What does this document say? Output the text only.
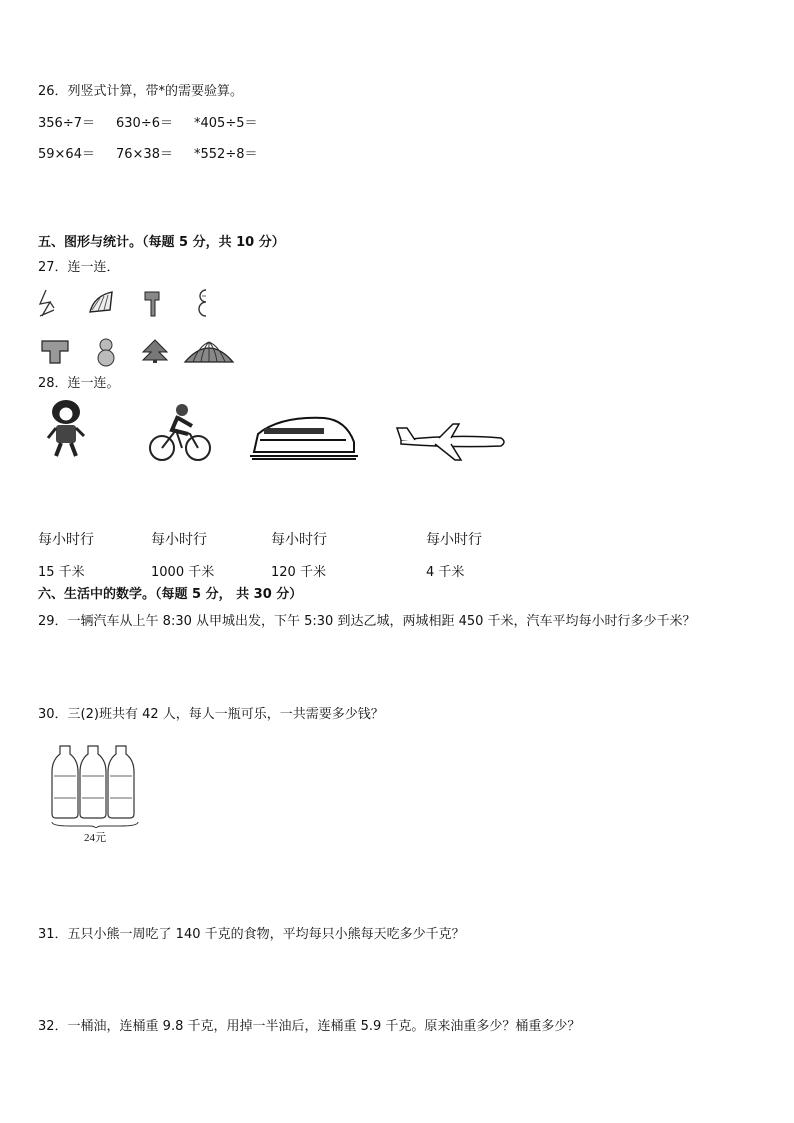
26．列竖式计算，带*的需要验算。
356÷7＝ 630÷6＝ *405÷5＝
59×64＝ 76×38＝ *552÷8＝
五、图形与统计。（每题 5 分，共 10 分）
27．连一连．
28．连一连。
每小时行	每小时行	每小时行	每小时行
15 千米	1000 千米	120 千米	4 千米
六、生活中的数学。（每题 5 分， 共 30 分）
29．一辆汽车从上午 8:30 从甲城出发，下午 5:30 到达乙城，两城相距 450 千米，汽车平均每小时行多少千米？
30．三(2)班共有 42 人，每人一瓶可乐，一共需要多少钱？
24元
31．五只小熊一周吃了 140 千克的食物，平均每只小熊每天吃多少千克？
32．一桶油，连桶重 9.8 千克，用掉一半油后，连桶重 5.9 千克。原来油重多少？桶重多少？
